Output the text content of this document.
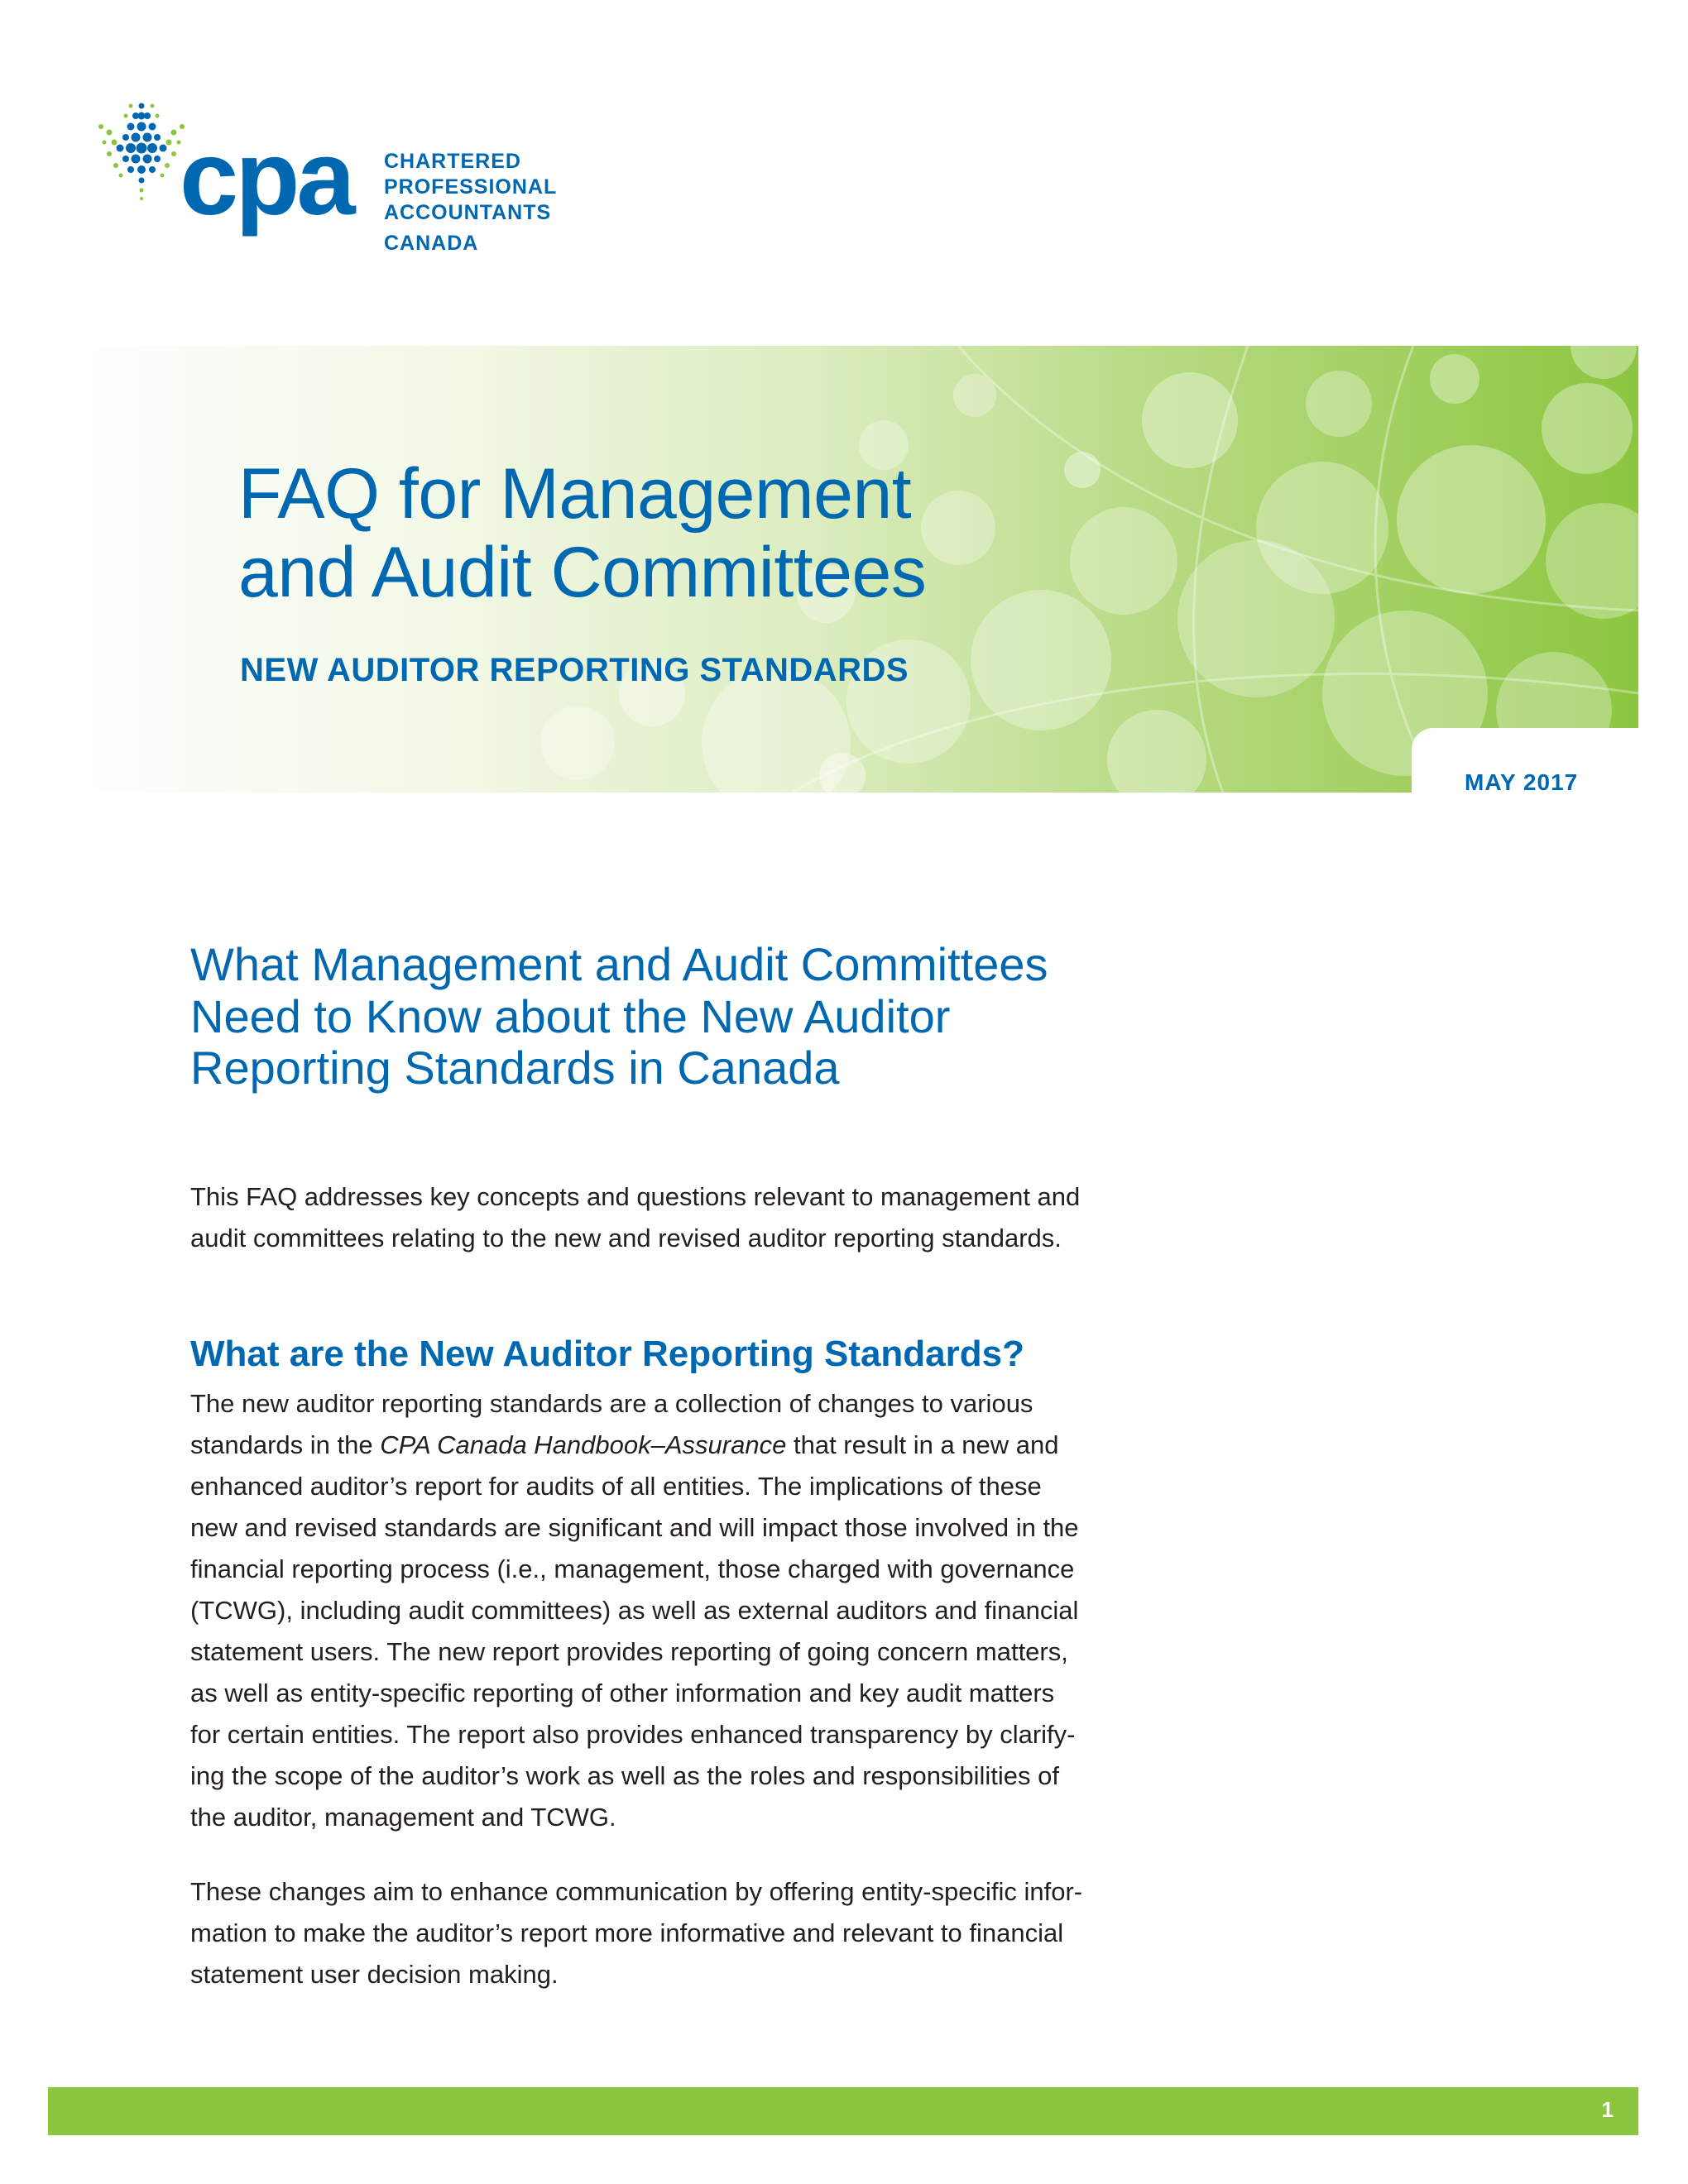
cpa CHARTERED
PROFESSIONAL
ACCOUNTANTS
CANADA
FAQ for Management
and Audit Committees
NEW AUDITOR REPORTING STANDARDS
MAY 2017
What Management and Audit Committees
Need to Know about the New Auditor
Reporting Standards in Canada

This FAQ addresses key concepts and questions relevant to management and
audit committees relating to the new and revised auditor reporting standards.

What are the New Auditor Reporting Standards?

The new auditor reporting standards are a collection of changes to various
standards in the CPA Canada Handbook–Assurance that result in a new and
enhanced auditor’s report for audits of all entities. The implications of these
new and revised standards are significant and will impact those involved in the
financial reporting process (i.e., management, those charged with governance
(TCWG), including audit committees) as well as external auditors and financial
statement users. The new report provides reporting of going concern matters,
as well as entity-specific reporting of other information and key audit matters
for certain entities. The report also provides enhanced transparency by clarify-
ing the scope of the auditor’s work as well as the roles and responsibilities of
the auditor, management and TCWG.

These changes aim to enhance communication by offering entity-specific infor-
mation to make the auditor’s report more informative and relevant to financial
statement user decision making.

1
